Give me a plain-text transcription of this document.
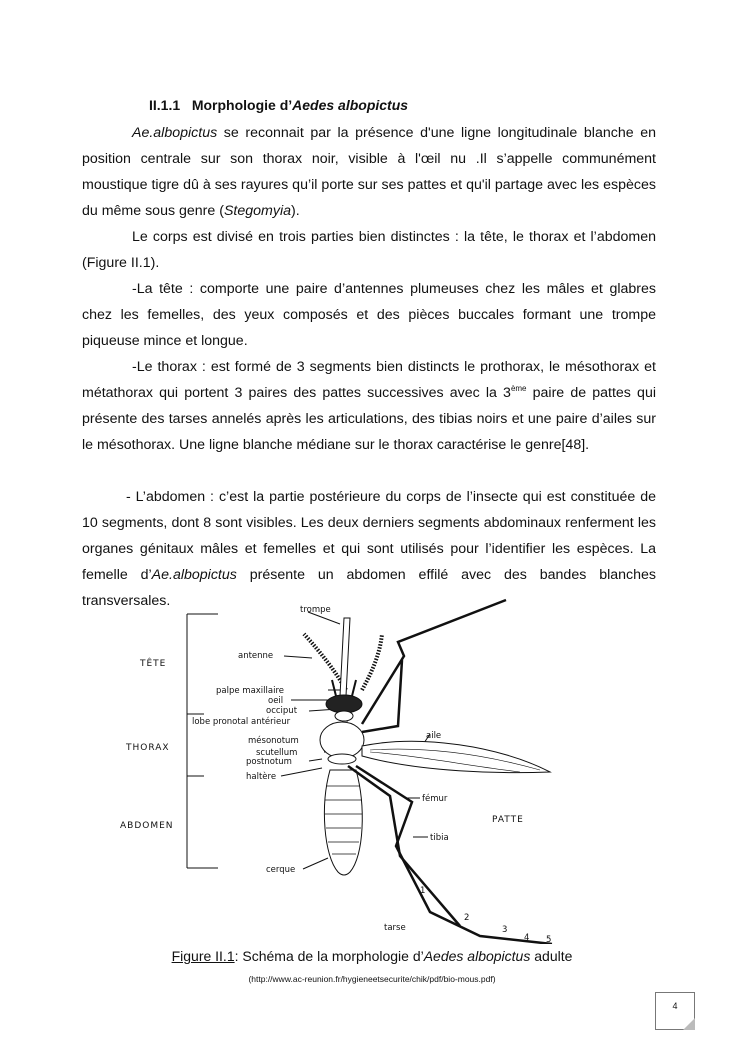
II.1.1 Morphologie d’Aedes albopictus

Ae.albopictus se reconnait par la présence d'une ligne longitudinale blanche en position centrale sur son thorax noir, visible à l'œil nu .Il s’appelle communément moustique tigre dû à ses rayures qu’il porte sur ses pattes et qu'il partage avec les espèces du même sous genre (Stegomyia).

Le corps est divisé en trois parties bien distinctes : la tête, le thorax et l’abdomen (Figure II.1).

-La tête : comporte une paire d’antennes plumeuses chez les mâles et glabres chez les femelles, des yeux composés et des pièces buccales formant une trompe piqueuse mince et longue.

-Le thorax : est formé de 3 segments bien distincts le prothorax, le mésothorax et métathorax qui portent 3 paires des pattes successives avec la 3ème paire de pattes qui présente des tarses annelés après les articulations, des tibias noirs et une paire d’ailes sur le mésothorax. Une ligne blanche médiane sur le thorax caractérise le genre[48].

- L’abdomen : c’est la partie postérieure du corps de l’insecte qui est constituée de 10 segments, dont 8 sont visibles. Les deux derniers segments abdominaux renferment les organes génitaux mâles et femelles et qui sont utilisés pour l’identifier les espèces. La femelle d’Ae.albopictus présente un abdomen effilé avec des bandes blanches transversales.

TÊTE
THORAX
ABDOMEN
trompe
antenne
palpe maxillaire
oeil
occiput
lobe pronotal antérieur
mésonotum
scutellum
postnotum
haltère
cerque
aile
fémur
PATTE
tibia
tarse
1
2
3
4 5
Figure II.1: Schéma de la morphologie d’Aedes albopictus adulte
(http://www.ac-reunion.fr/hygieneetsecurite/chik/pdf/bio-mous.pdf)
4
